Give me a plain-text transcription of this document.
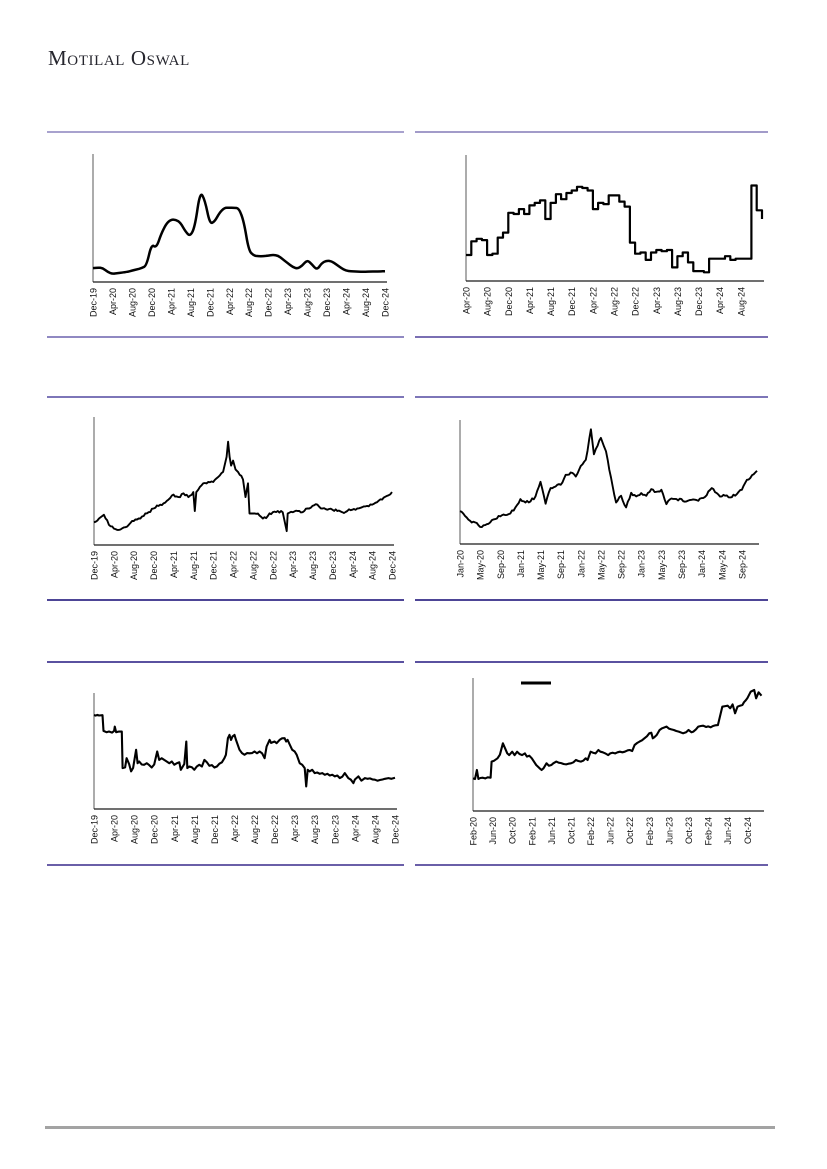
Motilal Oswal
Dec-19 Apr-20 Aug-20 Dec-20 Apr-21 Aug-21 Dec-21 Apr-22 Aug-22 Dec-22 Apr-23 Aug-23 Dec-23 Apr-24 Aug-24 Dec-24	Apr-20 Aug-20 Dec-20 Apr-21 Aug-21 Dec-21 Apr-22 Aug-22 Dec-22 Apr-23 Aug-23 Dec-23 Apr-24 Aug-24
Dec-19 Apr-20 Aug-20 Dec-20 Apr-21 Aug-21 Dec-21 Apr-22 Aug-22 Dec-22 Apr-23 Aug-23 Dec-23 Apr-24 Aug-24 Dec-24	Jan-20 May-20 Sep-20 Jan-21 May-21 Sep-21 Jan-22 May-22 Sep-22 Jan-23 May-23 Sep-23 Jan-24 May-24 Sep-24
Dec-19 Apr-20 Aug-20 Dec-20 Apr-21 Aug-21 Dec-21 Apr-22 Aug-22 Dec-22 Apr-23 Aug-23 Dec-23 Apr-24 Aug-24 Dec-24	Feb-20 Jun-20 Oct-20 Feb-21 Jun-21 Oct-21 Feb-22 Jun-22 Oct-22 Feb-23 Jun-23 Oct-23 Feb-24 Jun-24 Oct-24
